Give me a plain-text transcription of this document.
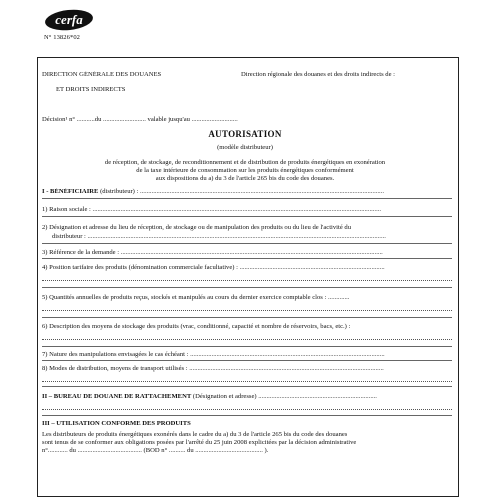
cerfa
N° 13826*02
DIRECTION GÉNÉRALE DES DOUANES	Direction régionale des douanes et des droits indirects de :
ET DROITS INDIRECTS
Décision¹ n° ...........du .......................... valable jusqu'au ............................
AUTORISATION
(modèle distributeur)
de réception, de stockage, de reconditionnement et de distribution de produits énergétiques en exonération
de la taxe intérieure de consommation sur les produits énergétiques conformément
aux dispositions du a) du 3 de l'article 265 bis du code des douanes.
I - BÉNÉFICIAIRE (distributeur) : ....................................................................................................................................................
1) Raison sociale : ...............................................................................................................................................................................
2) Désignation et adresse du lieu de réception, de stockage ou de manipulation des produits ou du lieu de l'activité du
distributeur : .....................................................................................................................................................................................
3) Référence de la demande : ...............................................................................................................................................................
4) Position tarifaire des produits (dénomination commerciale facultative) : ........................................................................................
5) Quantités annuelles de produits reçus, stockés et manipulés au cours du dernier exercice comptable clos : .............
6) Description des moyens de stockage des produits (vrac, conditionné, capacité et nombre de réservoirs, bacs, etc.) :
7) Nature des manipulations envisagées le cas échéant : ......................................................................................................................
8) Modes de distribution, moyens de transport utilisés : ......................................................................................................................
II – BUREAU DE DOUANE DE RATTACHEMENT (Désignation et adresse) ........................................................................
III – UTILISATION CONFORME DES PRODUITS
Les distributeurs de produits énergétiques exonérés dans le cadre du a) du 3 de l'article 265 bis du code des douanes
sont tenus de se conformer aux obligations posées par l'arrêté du 25 juin 2008 explicitées par la décision administrative
n°............ du ....................................... (BOD n° .......... du ......................................... ).
